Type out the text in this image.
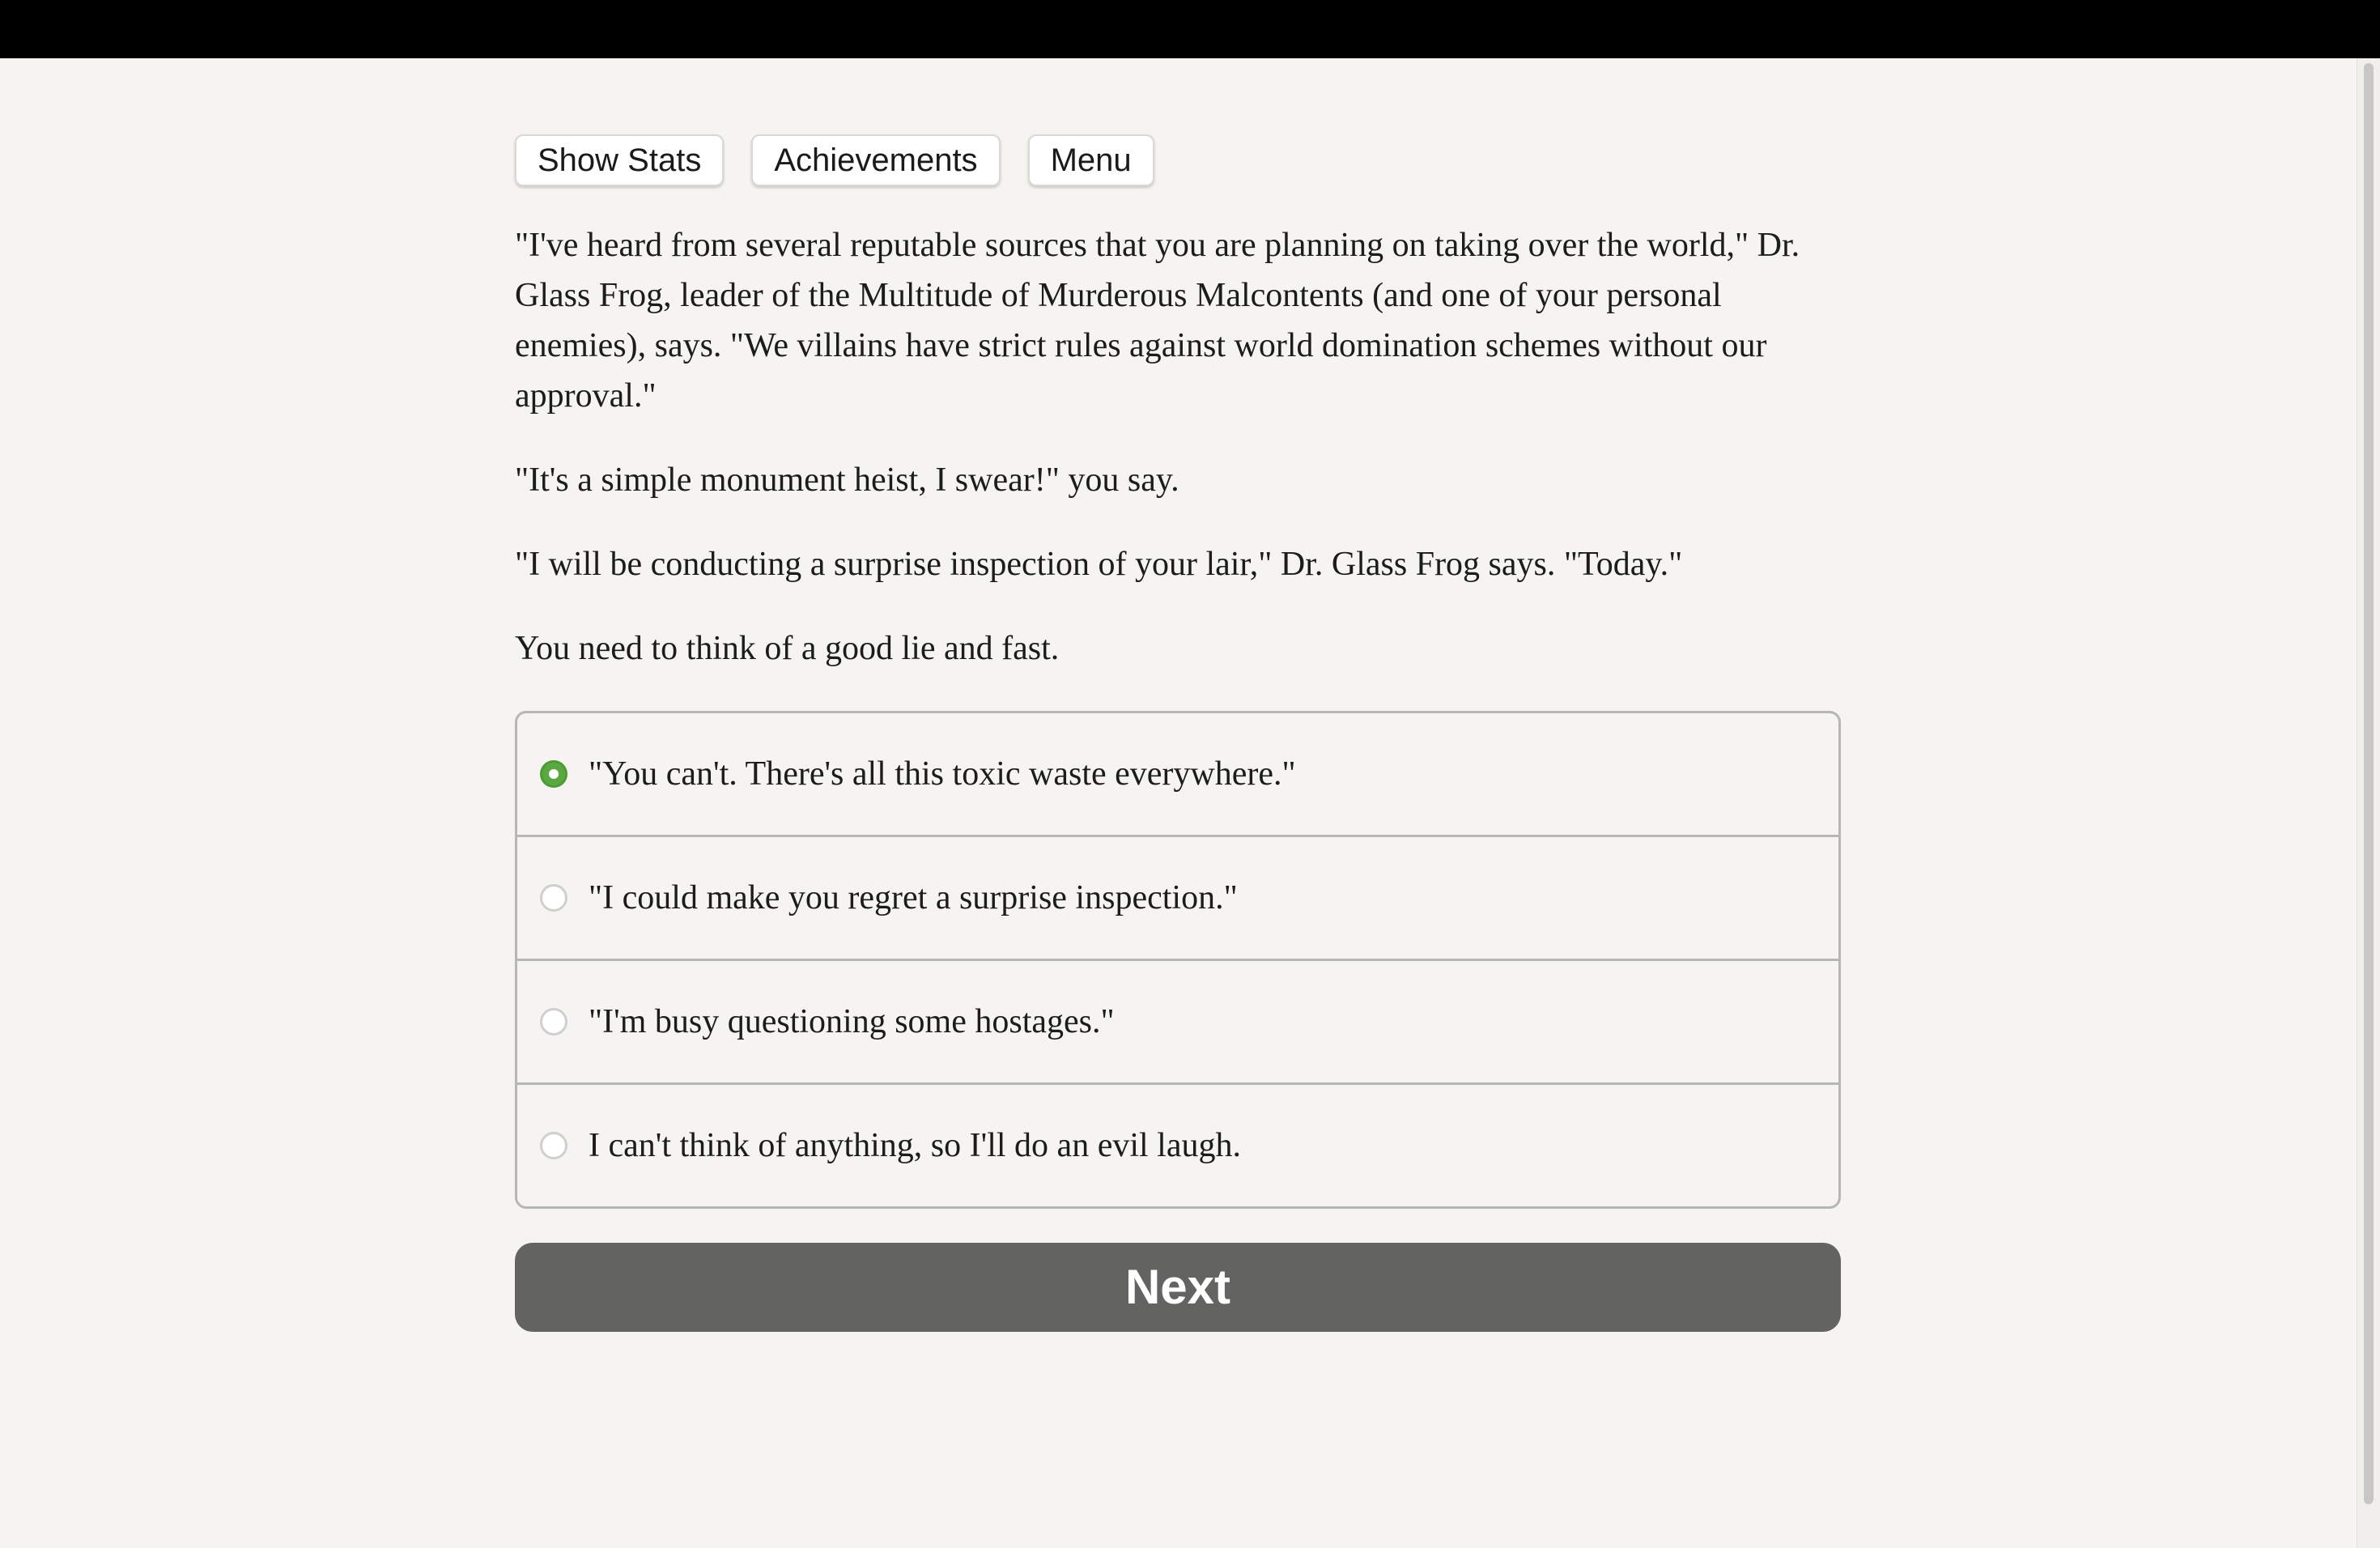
Show Stats	Achievements	Menu

"I've heard from several reputable sources that you are planning on taking over the world," Dr. Glass Frog, leader of the Multitude of Murderous Malcontents (and one of your personal enemies), says. "We villains have strict rules against world domination schemes without our approval."

"It's a simple monument heist, I swear!" you say.

"I will be conducting a surprise inspection of your lair," Dr. Glass Frog says. "Today."

You need to think of a good lie and fast.

"You can't. There's all this toxic waste everywhere."
"I could make you regret a surprise inspection."
"I'm busy questioning some hostages."
I can't think of anything, so I'll do an evil laugh.
Next
